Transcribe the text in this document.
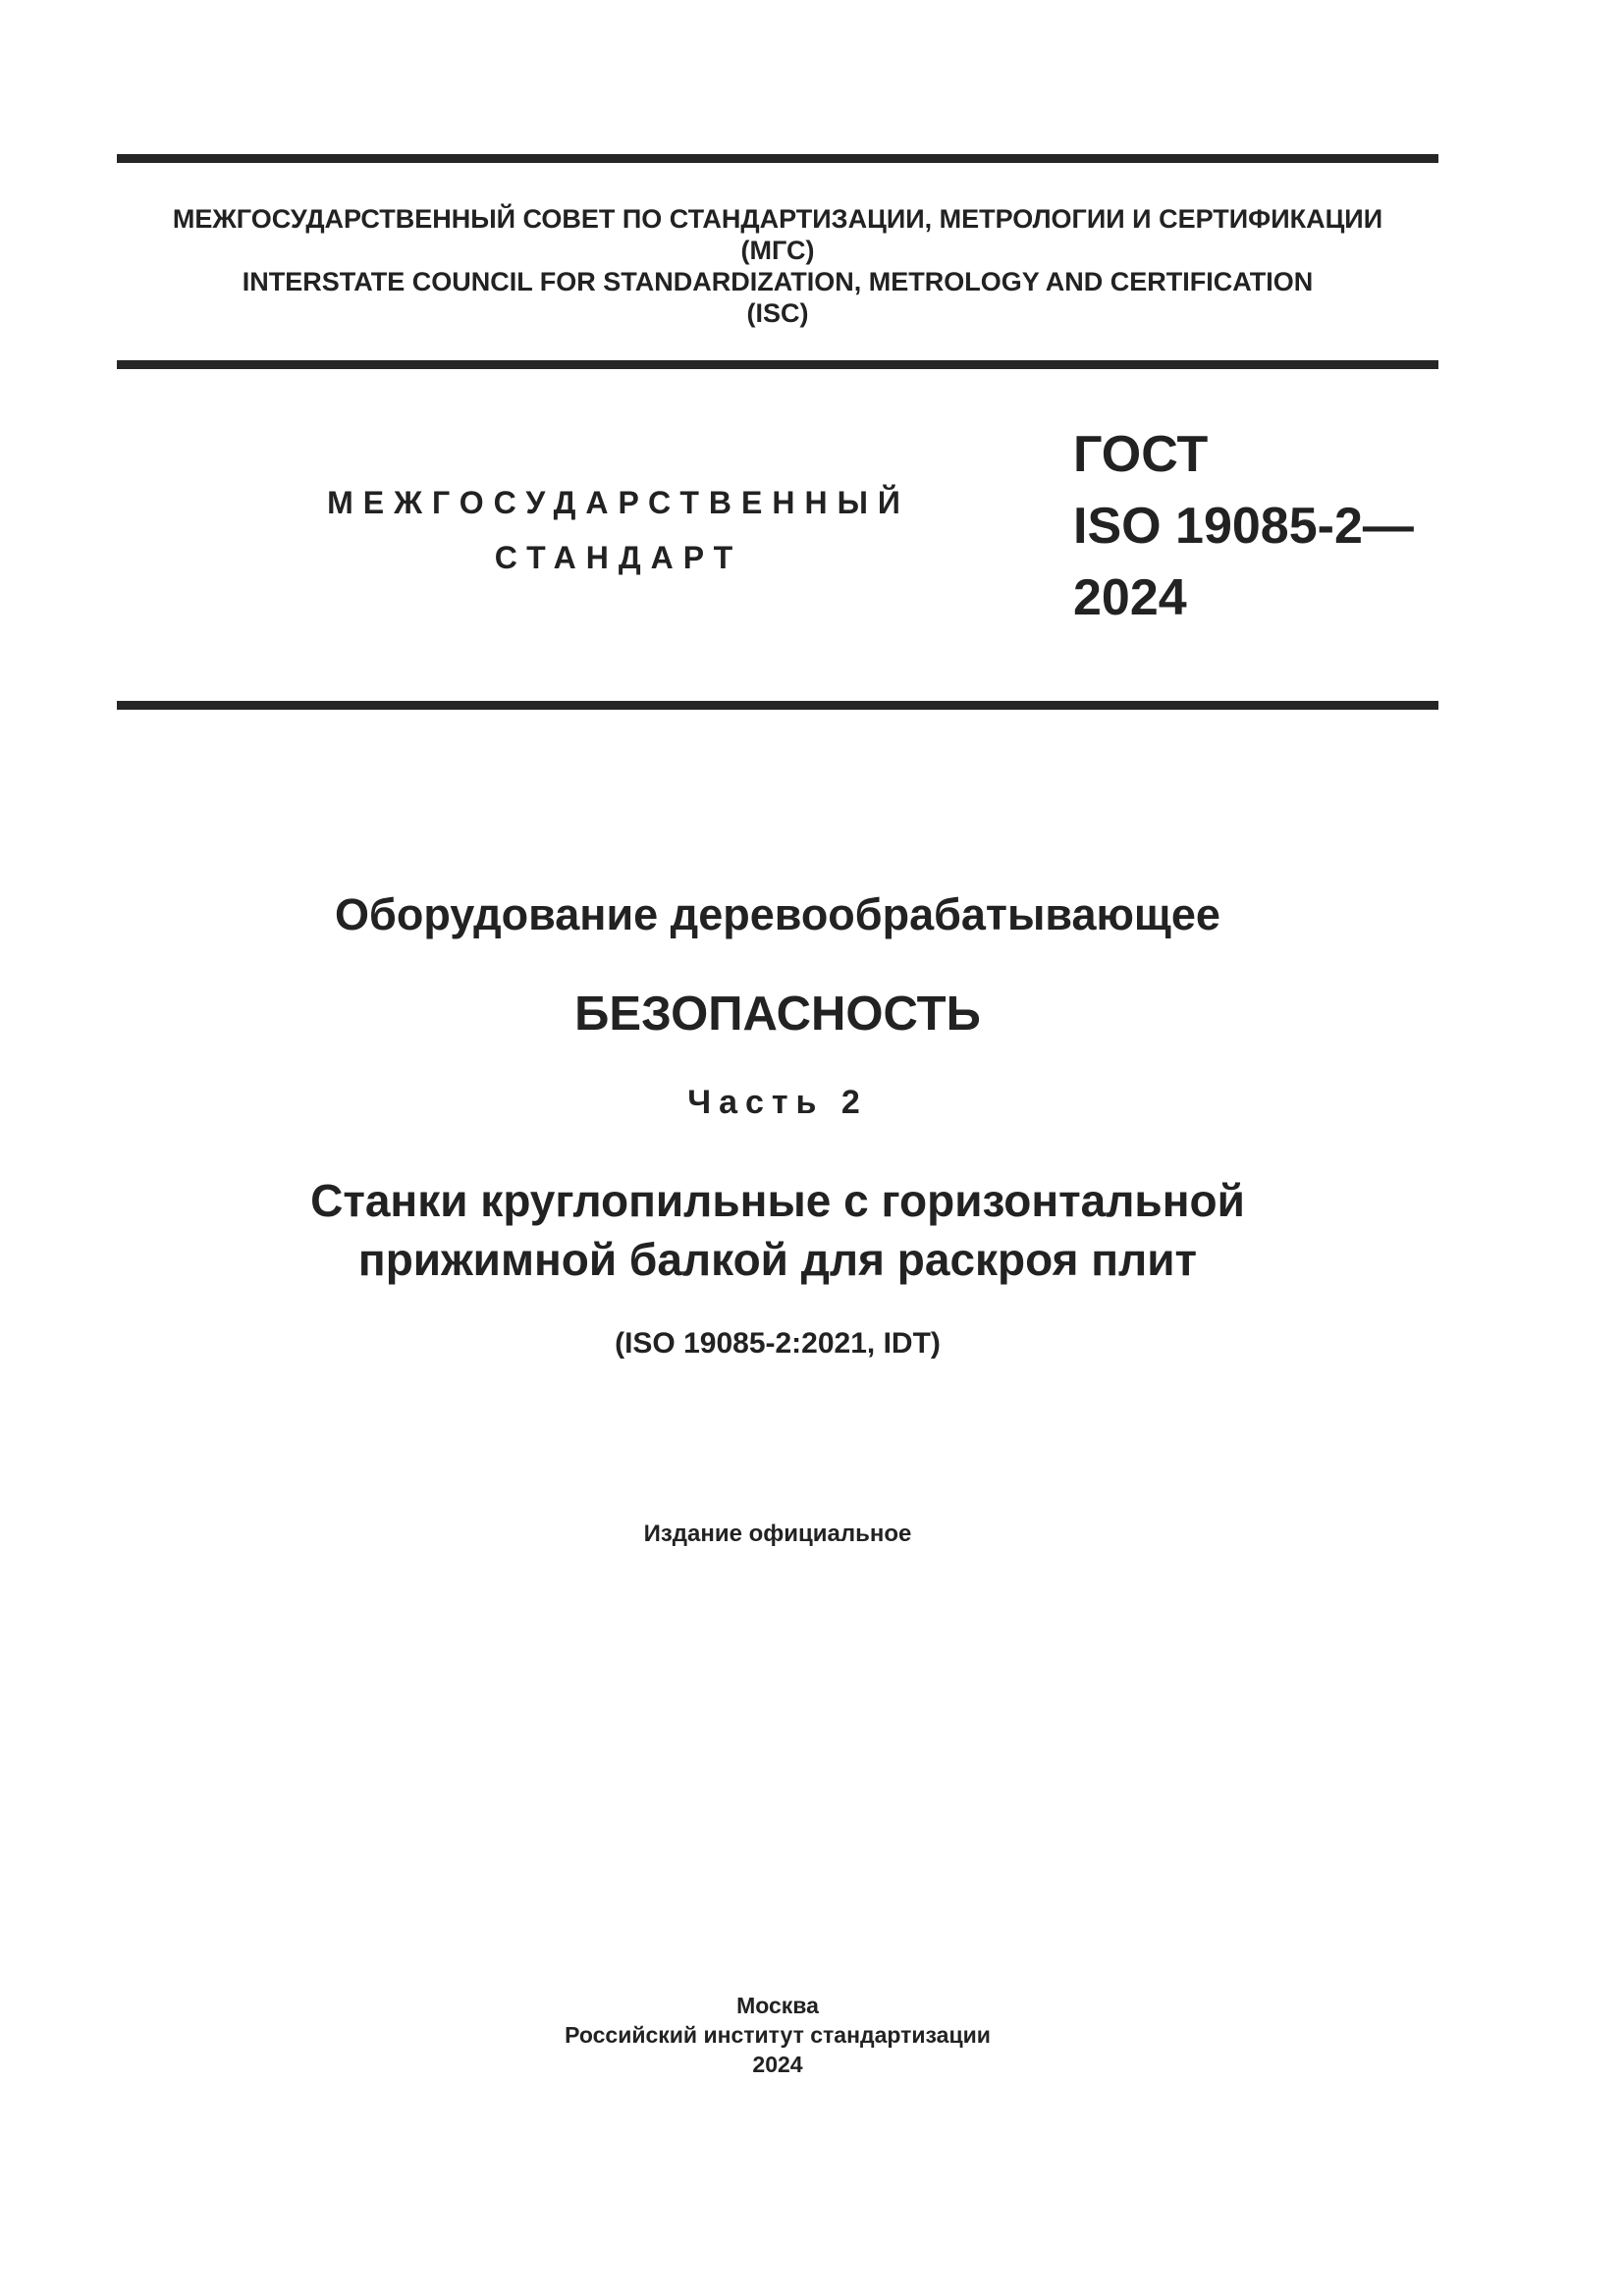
МЕЖГОСУДАРСТВЕННЫЙ СОВЕТ ПО СТАНДАРТИЗАЦИИ, МЕТРОЛОГИИ И СЕРТИФИКАЦИИ
(МГС)
INTERSTATE COUNCIL FOR STANDARDIZATION, METROLOGY AND CERTIFICATION
(ISC)
МЕЖГОСУДАРСТВЕННЫЙ
СТАНДАРТ
ГОСТ
ISO 19085-2—
2024
Оборудование деревообрабатывающее
БЕЗОПАСНОСТЬ
Часть 2
Станки круглопильные с горизонтальной
прижимной балкой для раскроя плит
(ISO 19085-2:2021, IDT)
Издание официальное
Москва
Российский институт стандартизации
2024
